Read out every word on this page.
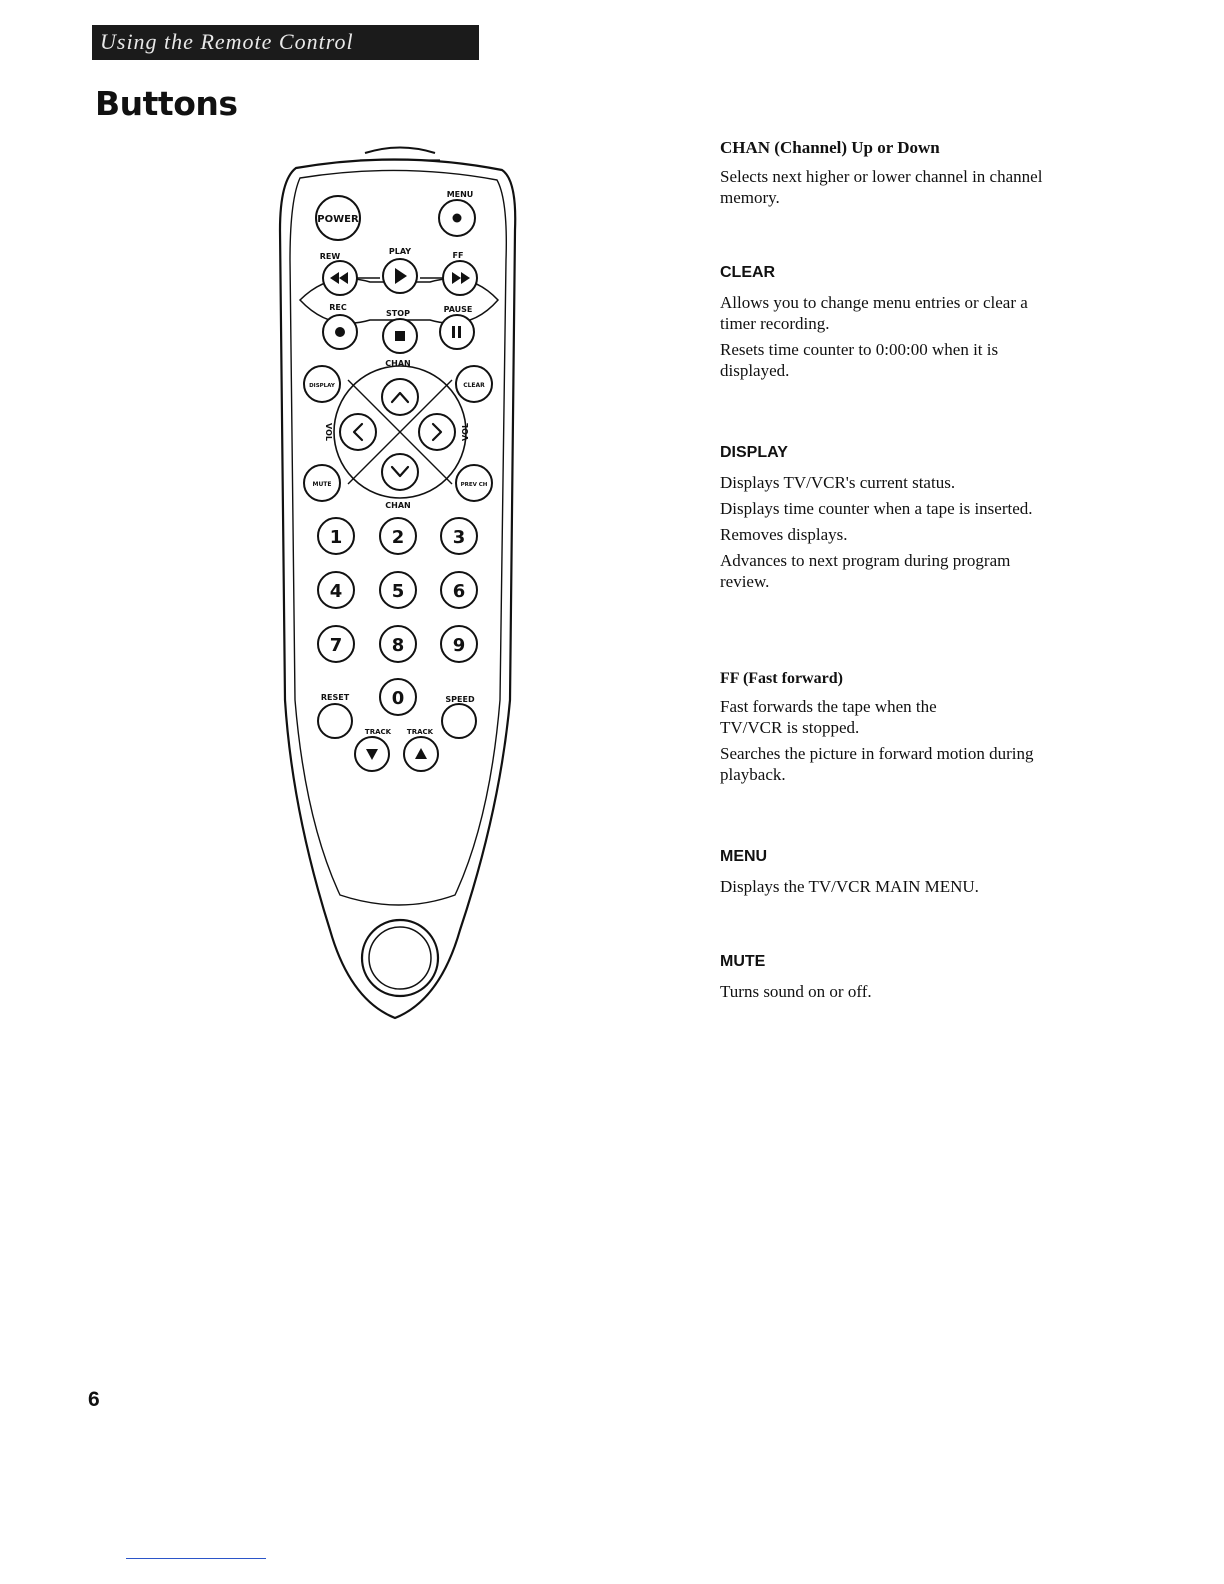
Using the Remote Control
Buttons
POWER
MENU
REW
PLAY	FF
REC
STOP	PAUSE
CHAN
DISPLAY	CLEAR
VOL	VOL
MUTE	PREV CH
CHAN
1	2	3
4	5	6
7	8	9
0
RESET	SPEED
TRACK TRACK

CHAN (Channel) Up or Down

Selects next higher or lower channel in channel memory.

CLEAR

Allows you to change menu entries or clear a timer recording.

Resets time counter to 0:00:00 when it is displayed.

DISPLAY

Displays TV/VCR's current status.

Displays time counter when a tape is inserted.

Removes displays.

Advances to next program during program review.

FF (Fast forward)

Fast forwards the tape when the TV/VCR is stopped.

Searches the picture in forward motion during playback.

MENU

Displays the TV/VCR MAIN MENU.

MUTE

Turns sound on or off.

6
